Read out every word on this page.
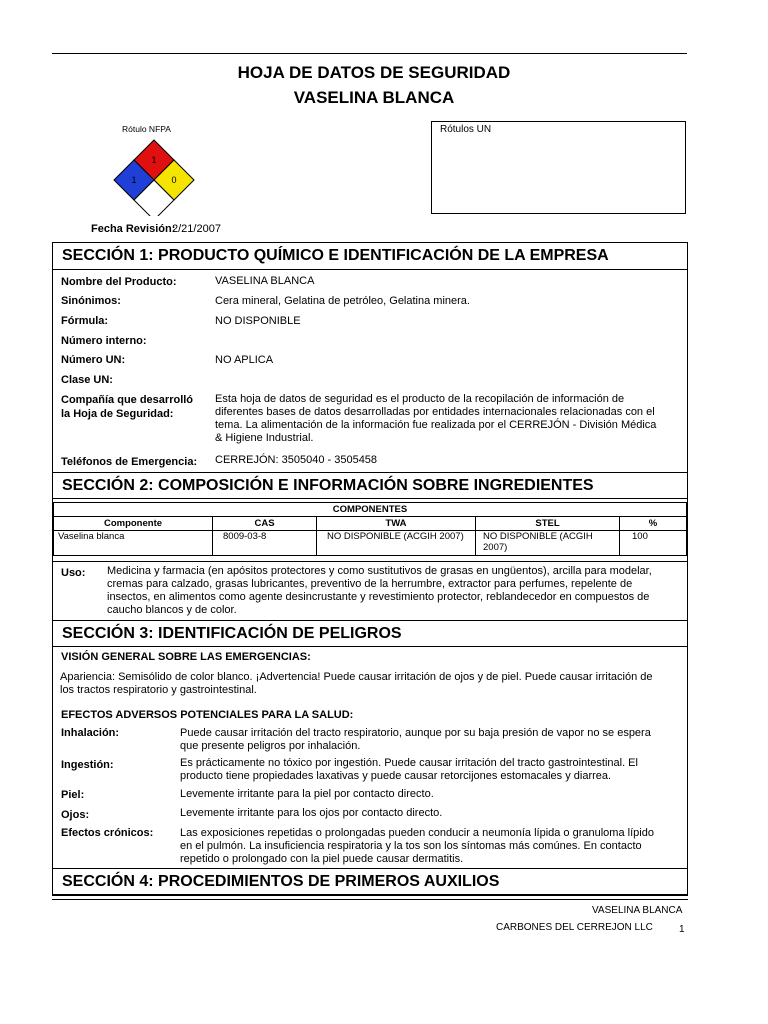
HOJA DE DATOS DE SEGURIDAD
VASELINA BLANCA
Rótulo NFPA
1
1	0
Rótulos UN
Fecha Revisión:
2/21/2007
SECCIÓN 1: PRODUCTO QUÍMICO E IDENTIFICACIÓN DE LA EMPRESA
Nombre del Producto:	VASELINA BLANCA
Sinónimos:	Cera mineral, Gelatina de petróleo, Gelatina minera.
Fórmula:	NO DISPONIBLE
Número interno:
Número UN:	NO APLICA
Clase UN:
Compañía que desarrolló
la Hoja de Seguridad:
Esta hoja de datos de seguridad es el producto de la recopilación de información de
diferentes bases de datos desarrolladas por entidades internacionales relacionadas con el
tema. La alimentación de la información fue realizada por el CERREJÓN - División Médica
& Higiene Industrial.
Teléfonos de Emergencia: CERREJÓN: 3505040 - 3505458
SECCIÓN 2: COMPOSICIÓN E INFORMACIÓN SOBRE INGREDIENTES
COMPONENTES				
Componente	CAS	TWA	STEL	%
Vaselina blanca	8009-03-8	NO DISPONIBLE (ACGIH 2007)	NO DISPONIBLE (ACGIH 2007)	100
Uso: Medicina y farmacia (en apósitos protectores y como sustitutivos de grasas en ungüentos), arcilla para modelar,
cremas para calzado, grasas lubricantes, preventivo de la herrumbre, extractor para perfumes, repelente de
insectos, en alimentos como agente desincrustante y revestimiento protector, reblandecedor en compuestos de
caucho blancos y de color.
SECCIÓN 3: IDENTIFICACIÓN DE PELIGROS
VISIÓN GENERAL SOBRE LAS EMERGENCIAS:
Apariencia: Semisólido de color blanco. ¡Advertencia! Puede causar irritación de ojos y de piel. Puede causar irritación de
los tractos respiratorio y gastrointestinal.
EFECTOS ADVERSOS POTENCIALES PARA LA SALUD:
Inhalación:	Puede causar irritación del tracto respiratorio, aunque por su baja presión de vapor no se espera
que presente peligros por inhalación.
Ingestión:	Es prácticamente no tóxico por ingestión. Puede causar irritación del tracto gastrointestinal. El
producto tiene propiedades laxativas y puede causar retorcijones estomacales y diarrea.
Piel:	Levemente irritante para la piel por contacto directo.
Ojos:	Levemente irritante para los ojos por contacto directo.
Efectos crónicos: Las exposiciones repetidas o prolongadas pueden conducir a neumonía lípida o granuloma lípido
en el pulmón. La insuficiencia respiratoria y la tos son los síntomas más comúnes. En contacto
repetido o prolongado con la piel puede causar dermatitis.
SECCIÓN 4: PROCEDIMIENTOS DE PRIMEROS AUXILIOS
VASELINA BLANCA
CARBONES DEL CERREJON LLC	1
